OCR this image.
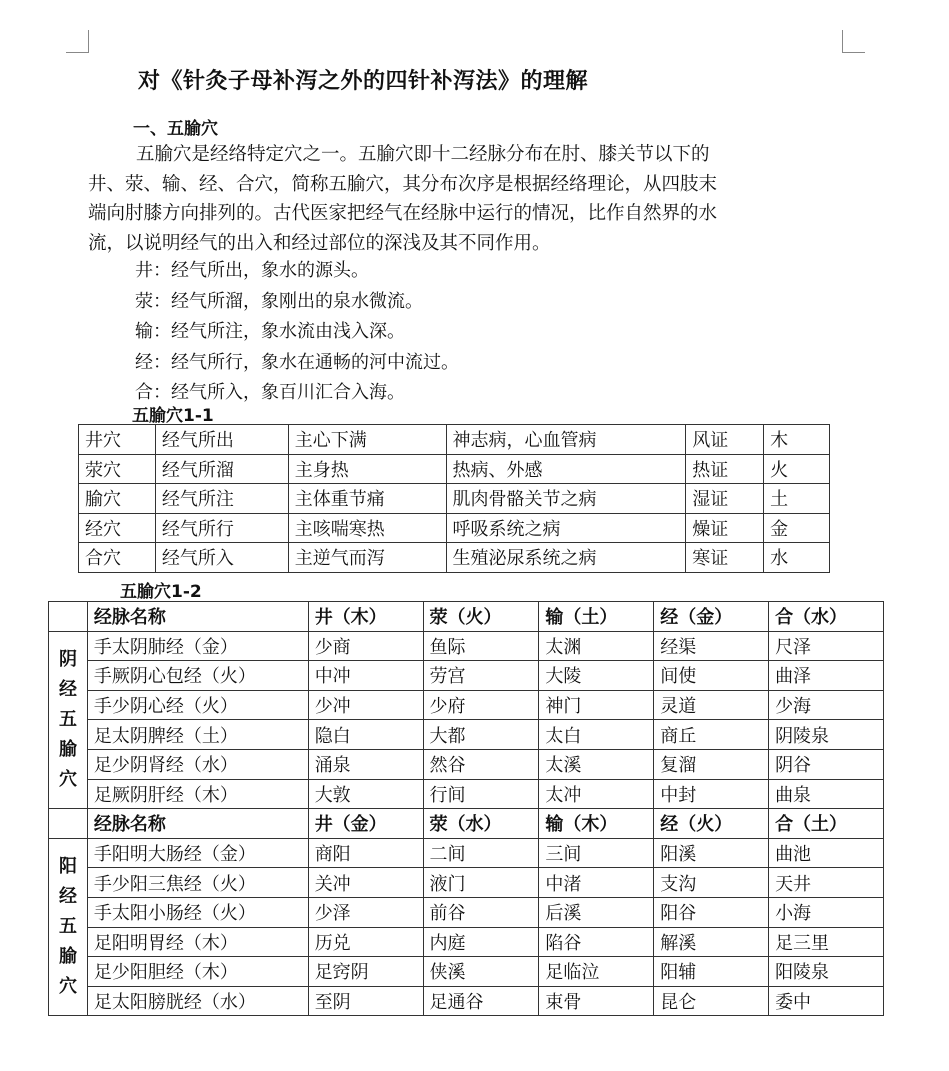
对《针灸子母补泻之外的四针补泻法》的理解
一、五腧穴
五腧穴是经络特定穴之一。五腧穴即十二经脉分布在肘、膝关节以下的
井、荥、输、经、合穴，简称五腧穴，其分布次序是根据经络理论，从四肢末
端向肘膝方向排列的。古代医家把经气在经脉中运行的情况，比作自然界的水
流，以说明经气的出入和经过部位的深浅及其不同作用。
井：经气所出，象水的源头。
荥：经气所溜，象刚出的泉水微流。
输：经气所注，象水流由浅入深。
经：经气所行，象水在通畅的河中流过。
合：经气所入，象百川汇合入海。
五腧穴1-1
井穴	经气所出	主心下满	神志病，心血管病	风证	木
荥穴	经气所溜	主身热	热病、外感	热证	火
腧穴	经气所注	主体重节痛	肌肉骨骼关节之病	湿证	土
经穴	经气所行	主咳喘寒热	呼吸系统之病	燥证	金
合穴	经气所入	主逆气而泻	生殖泌尿系统之病	寒证	水
五腧穴1-2
	经脉名称	井（木）	荥（火）	输（土）	经（金）	合（水）

阴
经
五
腧
穴	手太阴肺经（金）	少商	鱼际	太渊	经渠	尺泽
	手厥阴心包经（火）	中冲	劳宫	大陵	间使	曲泽
	手少阴心经（火）	少冲	少府	神门	灵道	少海
	足太阴脾经（土）	隐白	大都	太白	商丘	阴陵泉
	足少阴肾经（水）	涌泉	然谷	太溪	复溜	阴谷
	足厥阴肝经（木）	大敦	行间	太冲	中封	曲泉
	经脉名称	井（金）	荥（水）	输（木）	经（火）	合（土）

阳
经
五
腧
穴	手阳明大肠经（金）	商阳	二间	三间	阳溪	曲池
	手少阳三焦经（火）	关冲	液门	中渚	支沟	天井
	手太阳小肠经（火）	少泽	前谷	后溪	阳谷	小海
	足阳明胃经（木）	历兑	内庭	陷谷	解溪	足三里
	足少阳胆经（木）	足窍阴	侠溪	足临泣	阳辅	阳陵泉
	足太阳膀胱经（水）	至阴	足通谷	束骨	昆仑	委中
